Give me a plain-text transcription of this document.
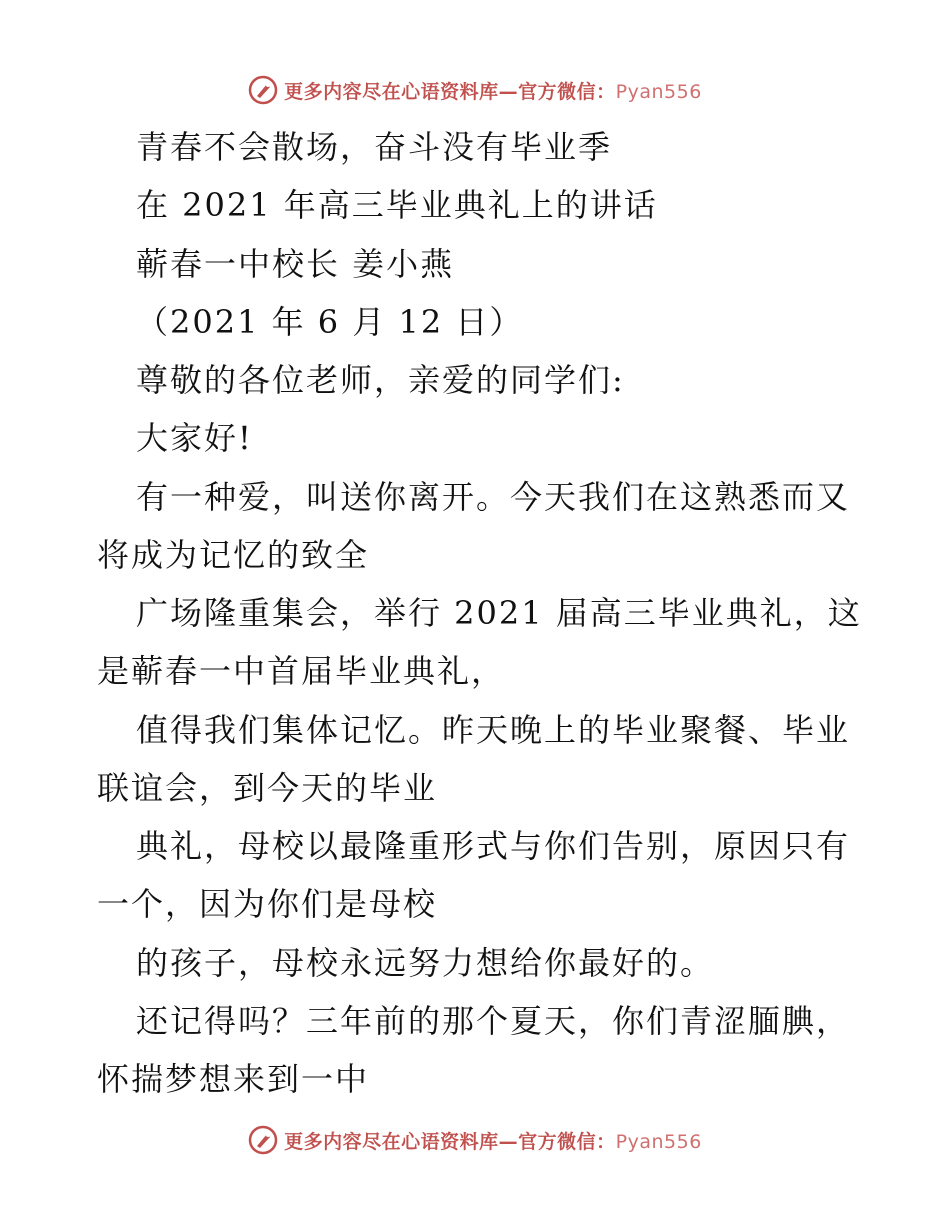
更多内容尽在心语资料库—官方微信：Pyan556
青春不会散场，奋斗没有毕业季
在 2021 年高三毕业典礼上的讲话
蕲春一中校长 姜小燕
（2021 年 6 月 12 日）
尊敬的各位老师，亲爱的同学们:
大家好!
有一种爱，叫送你离开。今天我们在这熟悉而又
将成为记忆的致全
广场隆重集会，举行 2021 届高三毕业典礼，这
是蕲春一中首届毕业典礼，
值得我们集体记忆。昨天晚上的毕业聚餐、毕业
联谊会，到今天的毕业
典礼，母校以最隆重形式与你们告别，原因只有
一个，因为你们是母校
的孩子，母校永远努力想给你最好的。
还记得吗？三年前的那个夏天，你们青涩腼腆，
怀揣梦想来到一中
更多内容尽在心语资料库—官方微信：Pyan556
